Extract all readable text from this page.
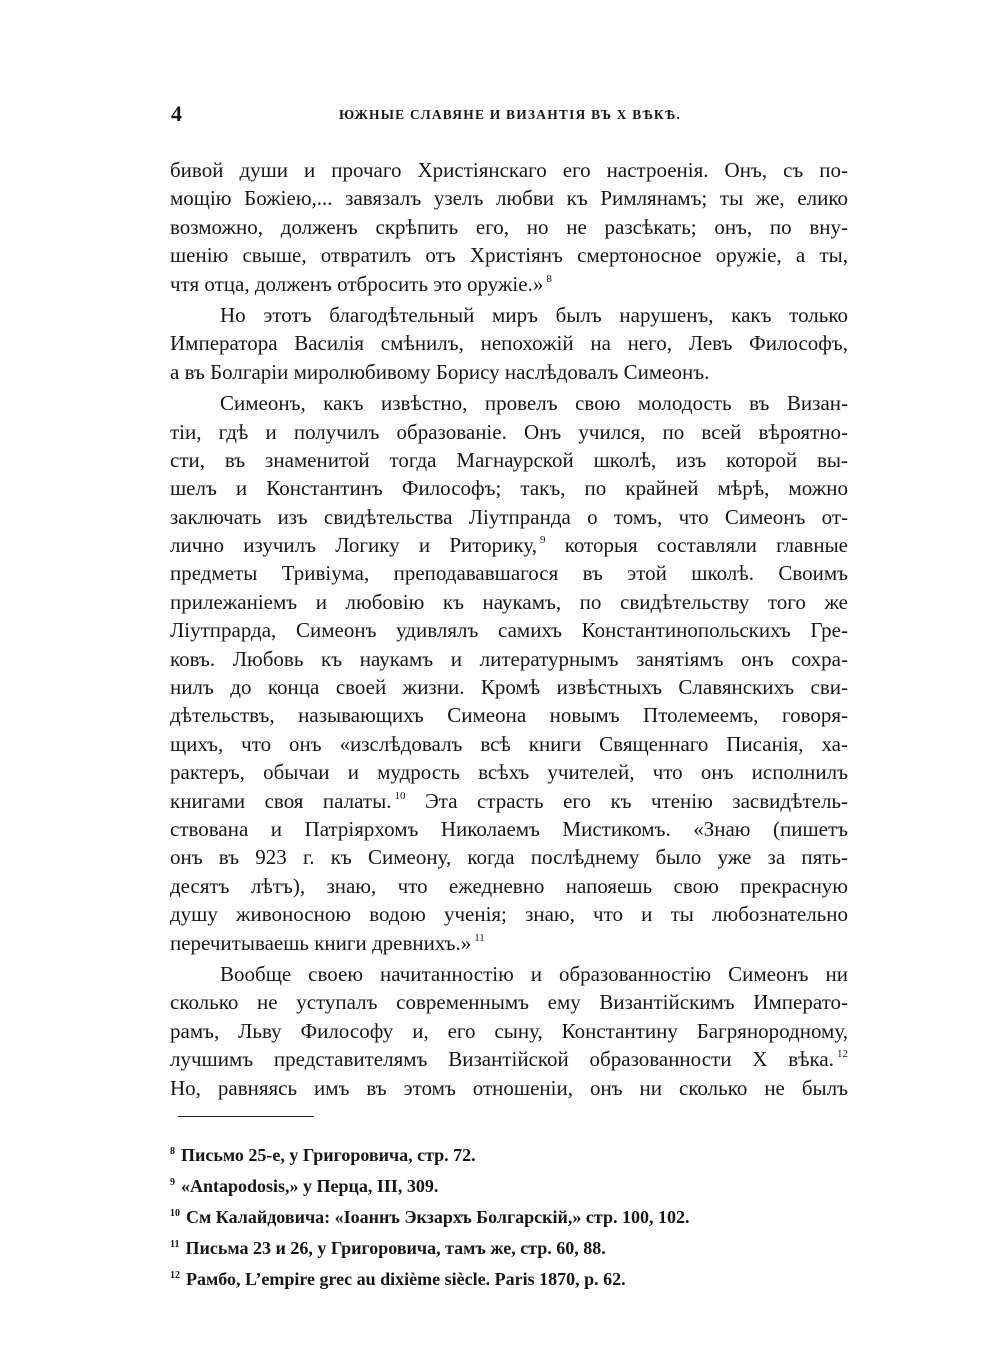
4	ЮЖНЫЕ СЛАВЯНЕ И ВИЗАНТІЯ ВЪ X ВѢКѢ.
бивой души и прочаго Христіянскаго его настроенія. Онъ, съ по-
мощію Божіею,... завязалъ узелъ любви къ Римлянамъ; ты же, елико
возможно, долженъ скрѣпить его, но не разсѣкать; онъ, по вну-
шенію свыше, отвратилъ отъ Христіянъ смертоносное оружіе, а ты,
чтя отца, долженъ отбросить это оружіе.» $^8$
Но этотъ благодѣтельный миръ былъ нарушенъ, какъ только
Императора Василія смѣнилъ, непохожій на него, Левъ Философъ,
а въ Болгаріи миролюбивому Борису наслѣдовалъ Симеонъ.
Симеонъ, какъ извѣстно, провелъ свою молодость въ Визан-
тіи, гдѣ и получилъ образованіе. Онъ учился, по всей вѣроятно-
сти, въ знаменитой тогда Магнаурской школѣ, изъ которой вы-
шелъ и Константинъ Философъ; такъ, по крайней мѣрѣ, можно
заключать изъ свидѣтельства Ліутпранда о томъ, что Симеонъ от-
лично изучилъ Логику и Риторику, $^9$ которыя составляли главные
предметы Тривіума, преподававшагося въ этой школѣ. Своимъ
прилежаніемъ и любовію къ наукамъ, по свидѣтельству того же
Ліутпрарда, Симеонъ удивлялъ самихъ Константинопольскихъ Гре-
ковъ. Любовь къ наукамъ и литературнымъ занятіямъ онъ сохра-
нилъ до конца своей жизни. Кромѣ извѣстныхъ Славянскихъ сви-
дѣтельствъ, называющихъ Симеона новымъ Птолемеемъ, говоря-
щихъ, что онъ «изслѣдовалъ всѣ книги Священнаго Писанія, ха-
рактеръ, обычаи и мудрость всѣхъ учителей, что онъ исполнилъ
книгами своя палаты. $^{10}$ Эта страсть его къ чтенію засвидѣтель-
ствована и Патріярхомъ Николаемъ Мистикомъ. «Знаю (пишетъ
онъ въ 923 г. къ Симеону, когда послѣднему было уже за пять-
десятъ лѣтъ), знаю, что ежедневно напояешь свою прекрасную
душу живоносною водою ученія; знаю, что и ты любознательно
перечитываешь книги древнихъ.» $^{11}$
Вообще своею начитанностію и образованностію Симеонъ ни
сколько не уступалъ современнымъ ему Византійскимъ Императо-
рамъ, Льву Философу и, его сыну, Константину Багрянородному,
лучшимъ представителямъ Византійской образованности X вѣка. $^{12}$
Но, равняясь имъ въ этомъ отношеніи, онъ ни сколько не былъ
$^8$ Письмо 25-е, у Григоровича, стр. 72.
$^9$ «Antapodosis,» у Перца, III, 309.
$^{10}$ См Калайдовича: «Іоаннъ Экзархъ Болгарскій,» стр. 100, 102.
$^{11}$ Письма 23 и 26, у Григоровича, тамъ же, стр. 60, 88.
$^{12}$ Рамбо, L’empire grec au dixième siècle. Paris 1870, p. 62.
